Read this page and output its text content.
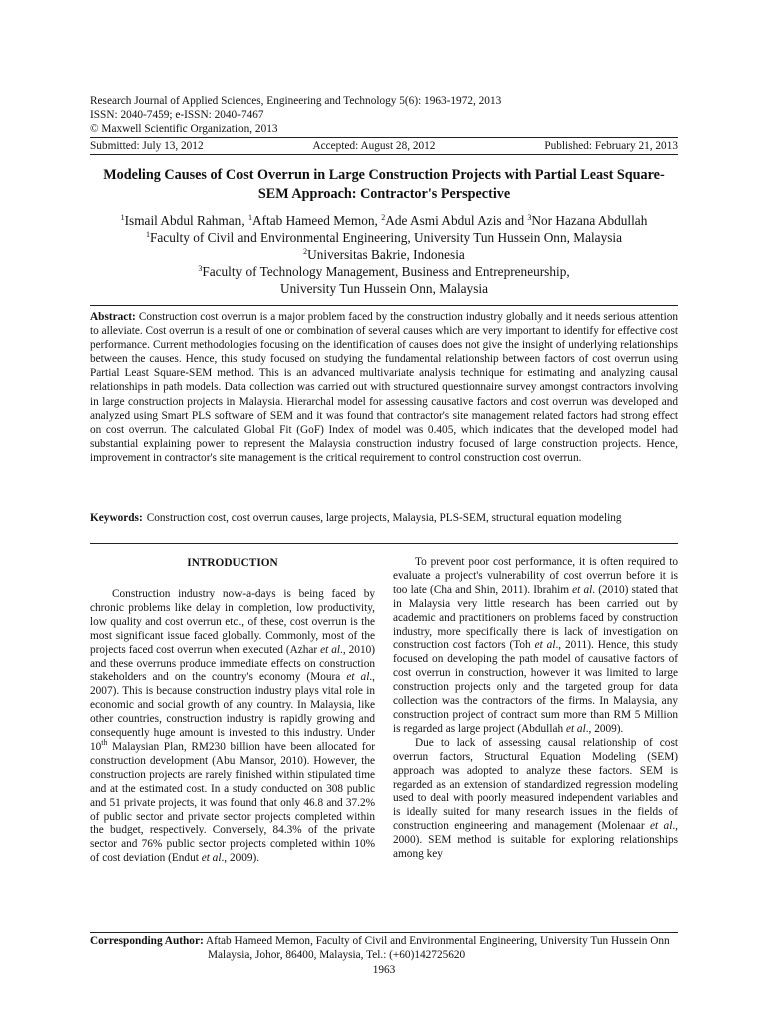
Research Journal of Applied Sciences, Engineering and Technology 5(6): 1963-1972, 2013
ISSN: 2040-7459; e-ISSN: 2040-7467
© Maxwell Scientific Organization, 2013
Submitted: July 13, 2012	Accepted: August 28, 2012	Published: February 21, 2013
Modeling Causes of Cost Overrun in Large Construction Projects with Partial Least Square-SEM Approach: Contractor's Perspective
$^1$Ismail Abdul Rahman, $^1$Aftab Hameed Memon, $^2$Ade Asmi Abdul Azis and $^3$Nor Hazana Abdullah
$^1$Faculty of Civil and Environmental Engineering, University Tun Hussein Onn, Malaysia
$^2$Universitas Bakrie, Indonesia
$^3$Faculty of Technology Management, Business and Entrepreneurship,
University Tun Hussein Onn, Malaysia
Abstract: Construction cost overrun is a major problem faced by the construction industry globally and it needs serious attention to alleviate. Cost overrun is a result of one or combination of several causes which are very important to identify for effective cost performance. Current methodologies focusing on the identification of causes does not give the insight of underlying relationships between the causes. Hence, this study focused on studying the fundamental relationship between factors of cost overrun using Partial Least Square-SEM method. This is an advanced multivariate analysis technique for estimating and analyzing causal relationships in path models. Data collection was carried out with structured questionnaire survey amongst contractors involving in large construction projects in Malaysia. Hierarchal model for assessing causative factors and cost overrun was developed and analyzed using Smart PLS software of SEM and it was found that contractor's site management related factors had strong effect on cost overrun. The calculated Global Fit (GoF) Index of model was 0.405, which indicates that the developed model had substantial explaining power to represent the Malaysia construction industry focused of large construction projects. Hence, improvement in contractor's site management is the critical requirement to control construction cost overrun.
Keywords: Construction cost, cost overrun causes, large projects, Malaysia, PLS-SEM, structural equation modeling
INTRODUCTION

Construction industry now-a-days is being faced by chronic problems like delay in completion, low productivity, low quality and cost overrun etc., of these, cost overrun is the most significant issue faced globally. Commonly, most of the projects faced cost overrun when executed (Azhar et al., 2010) and these overruns produce immediate effects on construction stakeholders and on the country's economy (Moura et al., 2007). This is because construction industry plays vital role in economic and social growth of any country. In Malaysia, like other countries, construction industry is rapidly growing and consequently huge amount is invested to this industry. Under 10th Malaysian Plan, RM230 billion have been allocated for construction development (Abu Mansor, 2010). However, the construction projects are rarely finished within stipulated time and at the estimated cost. In a study conducted on 308 public and 51 private projects, it was found that only 46.8 and 37.2% of public sector and private sector projects completed within the budget, respectively. Conversely, 84.3% of the private sector and 76% public sector projects completed within 10% of cost deviation (Endut et al., 2009).

To prevent poor cost performance, it is often required to evaluate a project's vulnerability of cost overrun before it is too late (Cha and Shin, 2011). Ibrahim et al. (2010) stated that in Malaysia very little research has been carried out by academic and practitioners on problems faced by construction industry, more specifically there is lack of investigation on construction cost factors (Toh et al., 2011). Hence, this study focused on developing the path model of causative factors of cost overrun in construction, however it was limited to large construction projects only and the targeted group for data collection was the contractors of the firms. In Malaysia, any construction project of contract sum more than RM 5 Million is regarded as large project (Abdullah et al., 2009).

Due to lack of assessing causal relationship of cost overrun factors, Structural Equation Modeling (SEM) approach was adopted to analyze these factors. SEM is regarded as an extension of standardized regression modeling used to deal with poorly measured independent variables and is ideally suited for many research issues in the fields of construction engineering and management (Molenaar et al., 2000). SEM method is suitable for exploring relationships among key

Corresponding Author: Aftab Hameed Memon, Faculty of Civil and Environmental Engineering, University Tun Hussein Onn
Malaysia, Johor, 86400, Malaysia, Tel.: (+60)142725620
1963
